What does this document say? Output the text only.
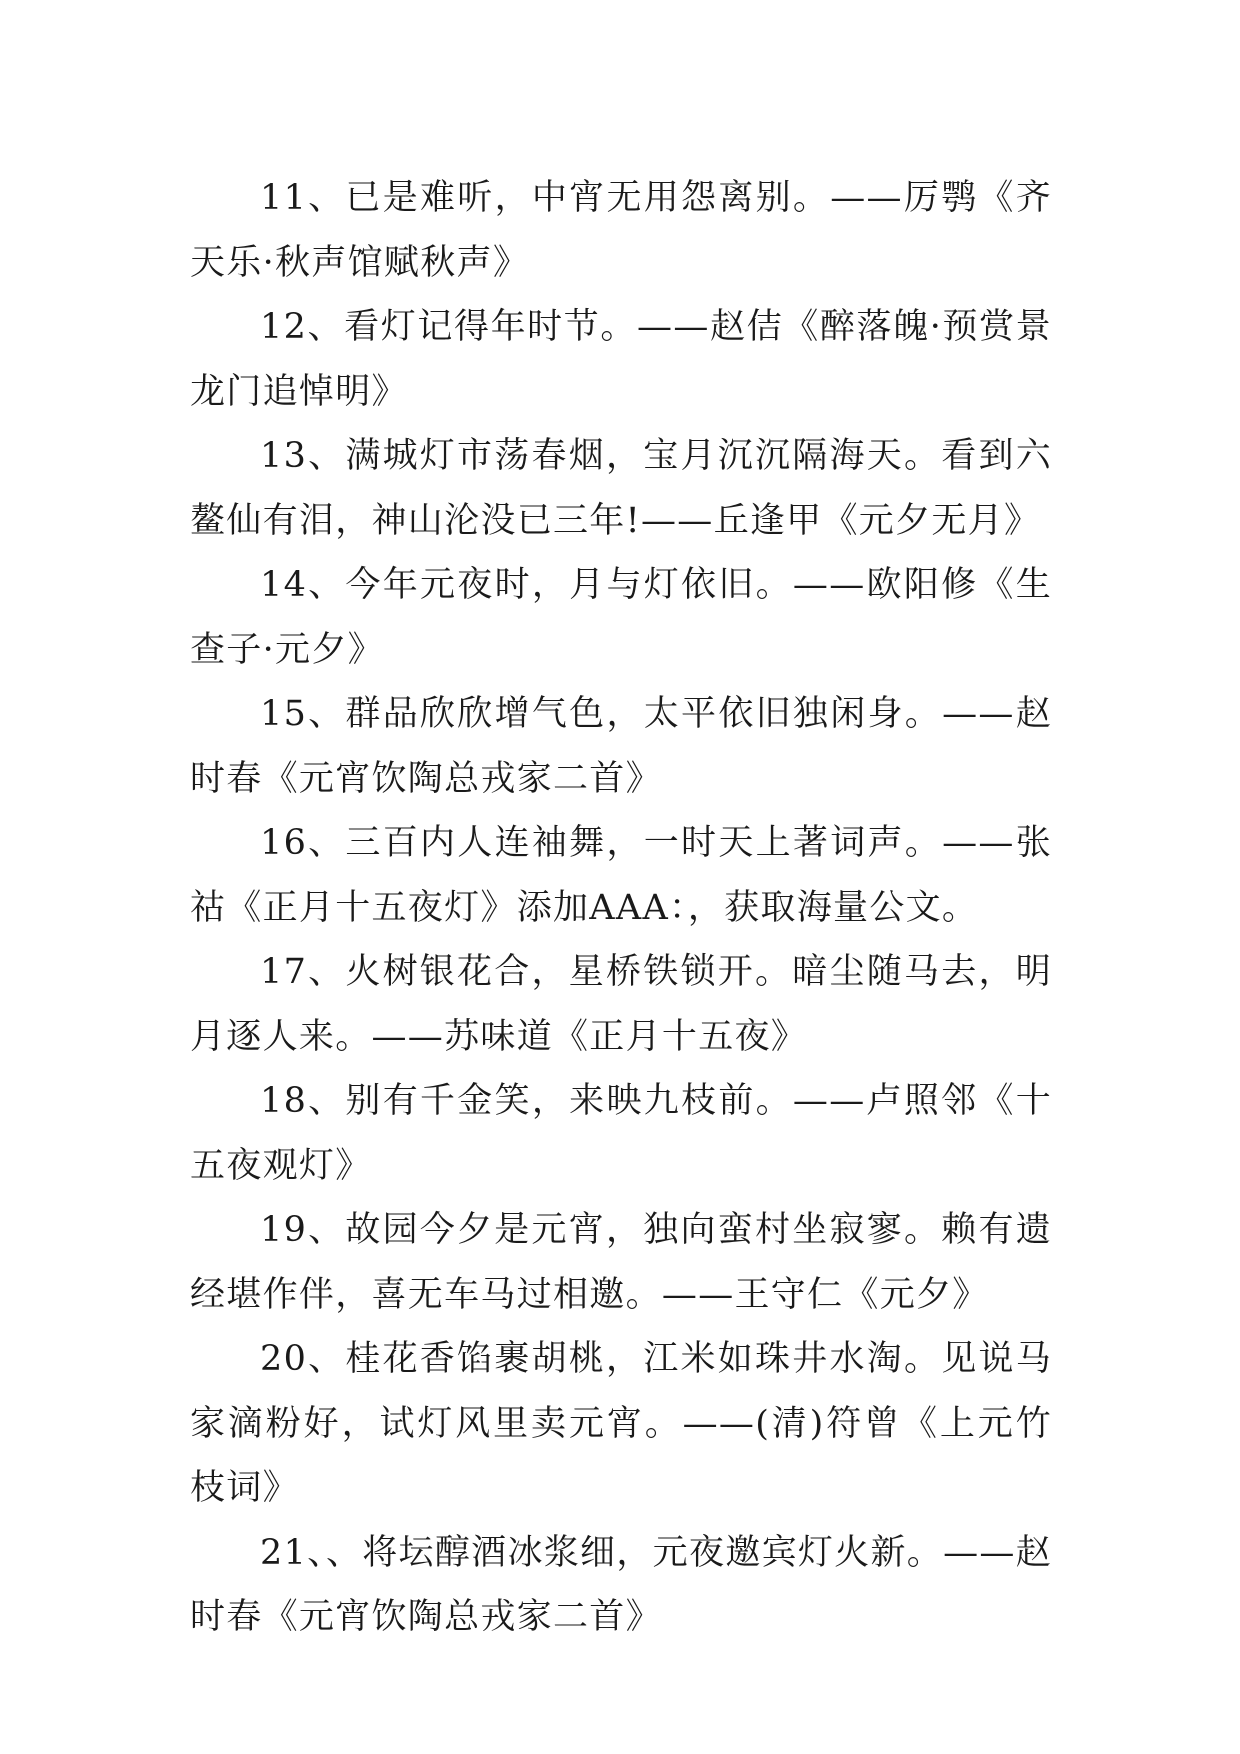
11、已是难听，中宵无用怨离别。——厉鹗《齐天乐·秋声馆赋秋声》

12、看灯记得年时节。——赵佶《醉落魄·预赏景龙门追悼明》

13、满城灯市荡春烟，宝月沉沉隔海天。看到六鳌仙有泪，神山沦没已三年!——丘逢甲《元夕无月》

14、今年元夜时，月与灯依旧。——欧阳修《生查子·元夕》

15、群品欣欣增气色，太平依旧独闲身。——赵时春《元宵饮陶总戎家二首》

16、三百内人连袖舞，一时天上著词声。——张祜《正月十五夜灯》添加AAA：，获取海量公文。

17、火树银花合，星桥铁锁开。暗尘随马去，明月逐人来。——苏味道《正月十五夜》

18、别有千金笑，来映九枝前。——卢照邻《十五夜观灯》

19、故园今夕是元宵，独向蛮村坐寂寥。赖有遗经堪作伴，喜无车马过相邀。——王守仁《元夕》

20、桂花香馅裹胡桃，江米如珠井水淘。见说马家滴粉好，试灯风里卖元宵。——(清)符曾《上元竹枝词》

21、、将坛醇酒冰浆细，元夜邀宾灯火新。——赵时春《元宵饮陶总戎家二首》
